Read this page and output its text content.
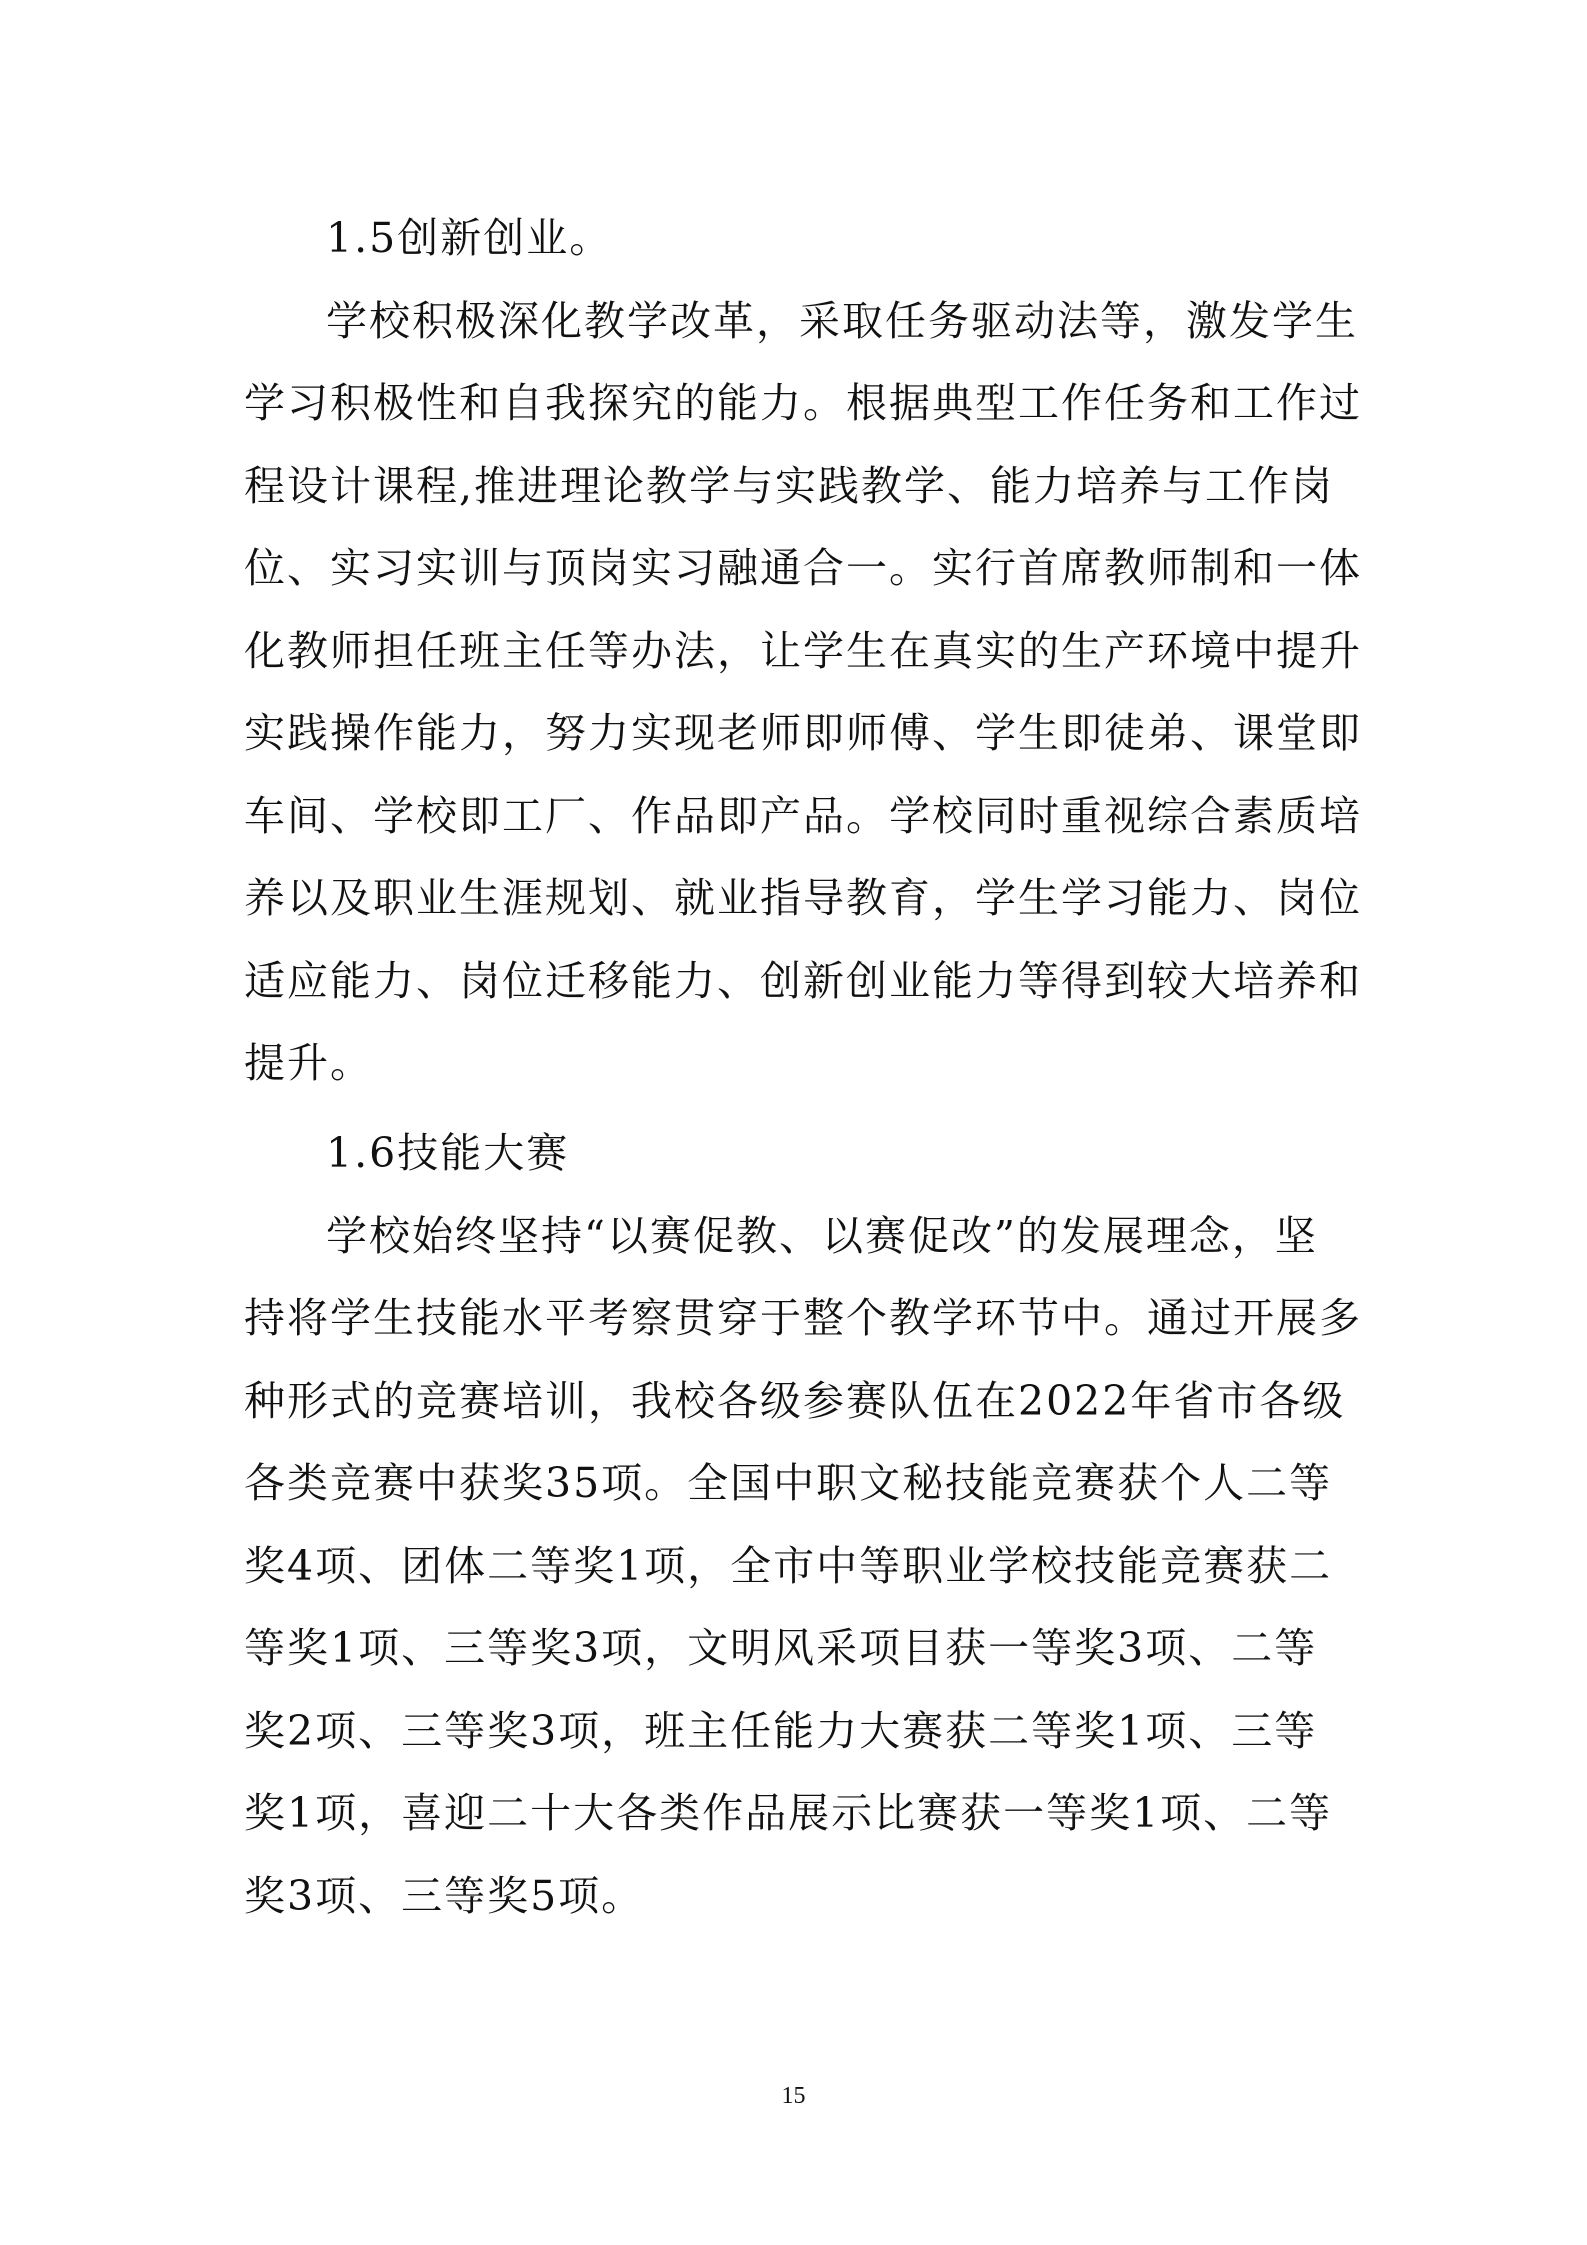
1.5创新创业。
学校积极深化教学改革，采取任务驱动法等，激发学生
学习积极性和自我探究的能力。根据典型工作任务和工作过
程设计课程,推进理论教学与实践教学、能力培养与工作岗
位、实习实训与顶岗实习融通合一。实行首席教师制和一体
化教师担任班主任等办法，让学生在真实的生产环境中提升
实践操作能力，努力实现老师即师傅、学生即徒弟、课堂即
车间、学校即工厂、作品即产品。学校同时重视综合素质培
养以及职业生涯规划、就业指导教育，学生学习能力、岗位
适应能力、岗位迁移能力、创新创业能力等得到较大培养和
提升。
1.6技能大赛
学校始终坚持“以赛促教、以赛促改”的发展理念，坚
持将学生技能水平考察贯穿于整个教学环节中。通过开展多
种形式的竞赛培训，我校各级参赛队伍在2022年省市各级
各类竞赛中获奖35项。全国中职文秘技能竞赛获个人二等
奖4项、团体二等奖1项，全市中等职业学校技能竞赛获二
等奖1项、三等奖3项，文明风采项目获一等奖3项、二等
奖2项、三等奖3项，班主任能力大赛获二等奖1项、三等
奖1项，喜迎二十大各类作品展示比赛获一等奖1项、二等
奖3项、三等奖5项。
15
